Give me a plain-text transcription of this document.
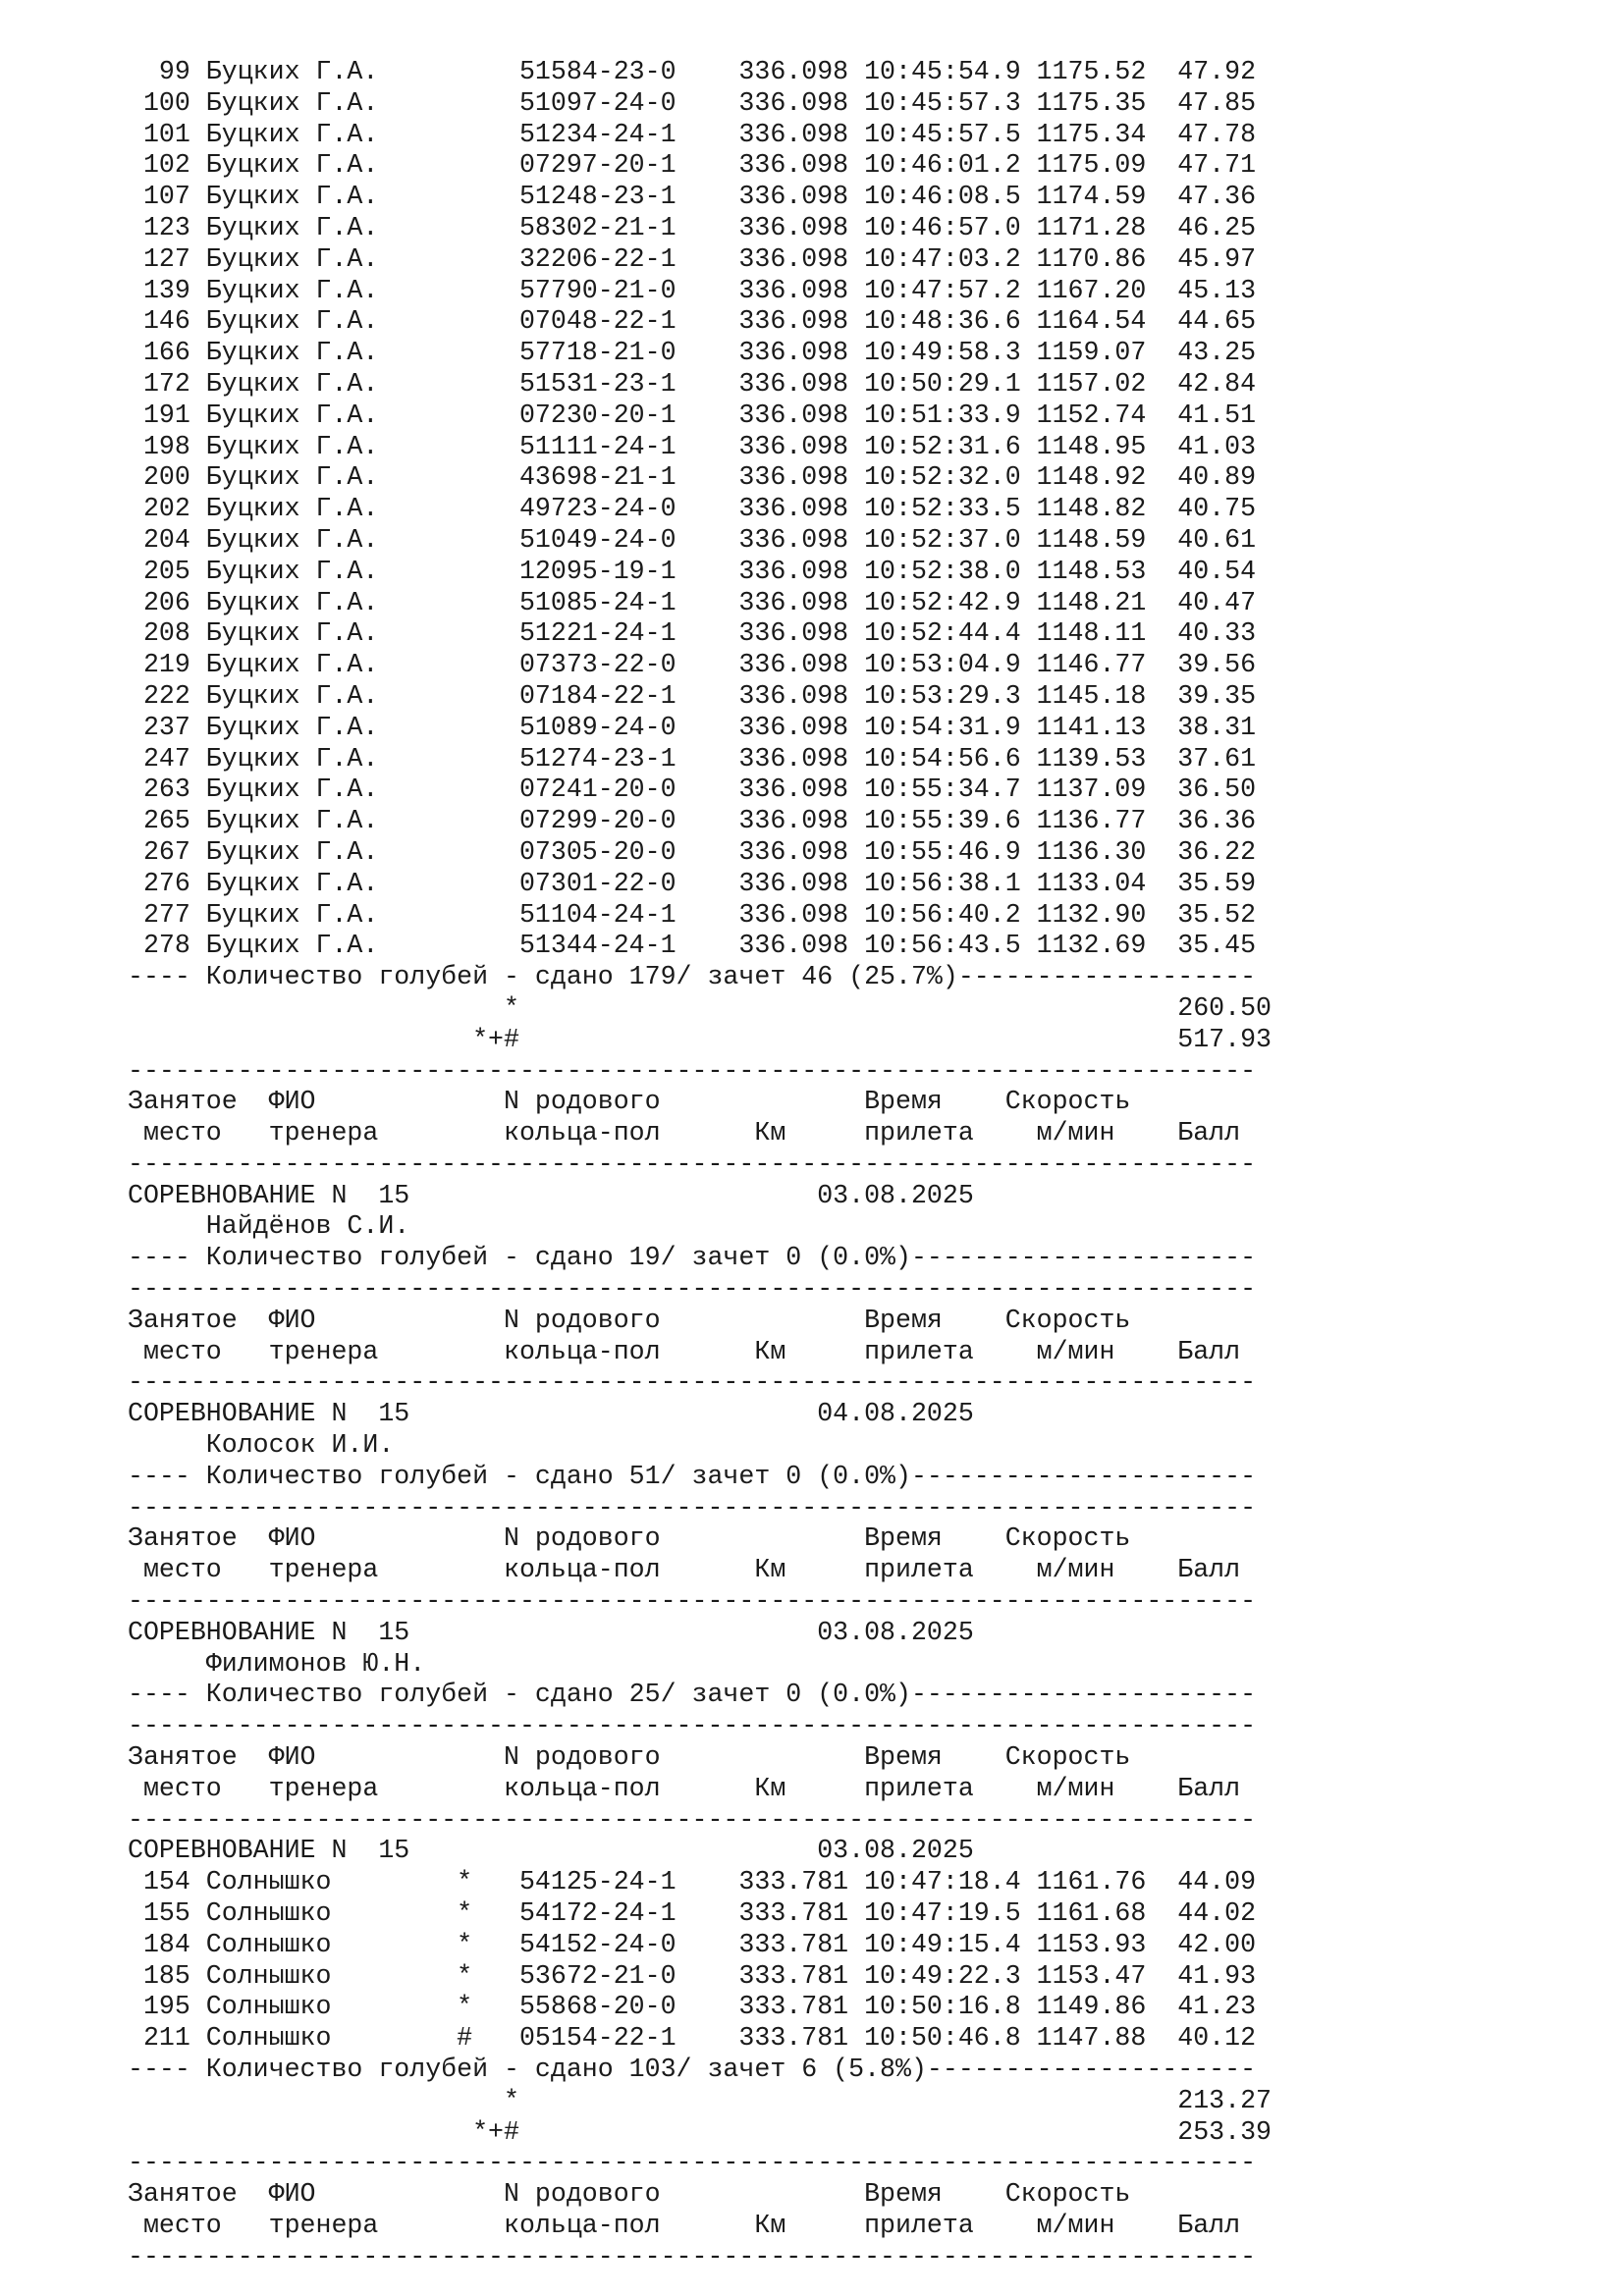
99 Буцких Г.А.         51584-23-0    336.098 10:45:54.9 1175.52  47.92
100 Буцких Г.А.         51097-24-0    336.098 10:45:57.3 1175.35  47.85
101 Буцких Г.А.         51234-24-1    336.098 10:45:57.5 1175.34  47.78
102 Буцких Г.А.         07297-20-1    336.098 10:46:01.2 1175.09  47.71
107 Буцких Г.А.         51248-23-1    336.098 10:46:08.5 1174.59  47.36
123 Буцких Г.А.         58302-21-1    336.098 10:46:57.0 1171.28  46.25
127 Буцких Г.А.         32206-22-1    336.098 10:47:03.2 1170.86  45.97
139 Буцких Г.А.         57790-21-0    336.098 10:47:57.2 1167.20  45.13
146 Буцких Г.А.         07048-22-1    336.098 10:48:36.6 1164.54  44.65
166 Буцких Г.А.         57718-21-0    336.098 10:49:58.3 1159.07  43.25
172 Буцких Г.А.         51531-23-1    336.098 10:50:29.1 1157.02  42.84
191 Буцких Г.А.         07230-20-1    336.098 10:51:33.9 1152.74  41.51
198 Буцких Г.А.         51111-24-1    336.098 10:52:31.6 1148.95  41.03
200 Буцких Г.А.         43698-21-1    336.098 10:52:32.0 1148.92  40.89
202 Буцких Г.А.         49723-24-0    336.098 10:52:33.5 1148.82  40.75
204 Буцких Г.А.         51049-24-0    336.098 10:52:37.0 1148.59  40.61
205 Буцких Г.А.         12095-19-1    336.098 10:52:38.0 1148.53  40.54
206 Буцких Г.А.         51085-24-1    336.098 10:52:42.9 1148.21  40.47
208 Буцких Г.А.         51221-24-1    336.098 10:52:44.4 1148.11  40.33
219 Буцких Г.А.         07373-22-0    336.098 10:53:04.9 1146.77  39.56
222 Буцких Г.А.         07184-22-1    336.098 10:53:29.3 1145.18  39.35
237 Буцких Г.А.         51089-24-0    336.098 10:54:31.9 1141.13  38.31
247 Буцких Г.А.         51274-23-1    336.098 10:54:56.6 1139.53  37.61
263 Буцких Г.А.         07241-20-0    336.098 10:55:34.7 1137.09  36.50
265 Буцких Г.А.         07299-20-0    336.098 10:55:39.6 1136.77  36.36
267 Буцких Г.А.         07305-20-0    336.098 10:55:46.9 1136.30  36.22
276 Буцких Г.А.         07301-22-0    336.098 10:56:38.1 1133.04  35.59
277 Буцких Г.А.         51104-24-1    336.098 10:56:40.2 1132.90  35.52
278 Буцких Г.А.         51344-24-1    336.098 10:56:43.5 1132.69  35.45
---- Количество голубей - сдано 179/ зачет 46 (25.7%)-------------------
*                                          260.50
*+#                                          517.93
------------------------------------------------------------------------
Занятое  ФИО            N родового             Время    Скорость
место   тренера        кольца-пол      Км     прилета    м/мин    Балл
------------------------------------------------------------------------
СОРЕВНОВАНИЕ N  15                          03.08.2025
Найдёнов С.И.
---- Количество голубей - сдано 19/ зачет 0 (0.0%)----------------------
------------------------------------------------------------------------
Занятое  ФИО            N родового             Время    Скорость
место   тренера        кольца-пол      Км     прилета    м/мин    Балл
------------------------------------------------------------------------
СОРЕВНОВАНИЕ N  15                          04.08.2025
Колосок И.И.
---- Количество голубей - сдано 51/ зачет 0 (0.0%)----------------------
------------------------------------------------------------------------
Занятое  ФИО            N родового             Время    Скорость
место   тренера        кольца-пол      Км     прилета    м/мин    Балл
------------------------------------------------------------------------
СОРЕВНОВАНИЕ N  15                          03.08.2025
Филимонов Ю.Н.
---- Количество голубей - сдано 25/ зачет 0 (0.0%)----------------------
------------------------------------------------------------------------
Занятое  ФИО            N родового             Время    Скорость
место   тренера        кольца-пол      Км     прилета    м/мин    Балл
------------------------------------------------------------------------
СОРЕВНОВАНИЕ N  15                          03.08.2025
154 Солнышко        *   54125-24-1    333.781 10:47:18.4 1161.76  44.09
155 Солнышко        *   54172-24-1    333.781 10:47:19.5 1161.68  44.02
184 Солнышко        *   54152-24-0    333.781 10:49:15.4 1153.93  42.00
185 Солнышко        *   53672-21-0    333.781 10:49:22.3 1153.47  41.93
195 Солнышко        *   55868-20-0    333.781 10:50:16.8 1149.86  41.23
211 Солнышко        #   05154-22-1    333.781 10:50:46.8 1147.88  40.12
---- Количество голубей - сдано 103/ зачет 6 (5.8%)---------------------
*                                          213.27
*+#                                          253.39
------------------------------------------------------------------------
Занятое  ФИО            N родового             Время    Скорость
место   тренера        кольца-пол      Км     прилета    м/мин    Балл
------------------------------------------------------------------------
